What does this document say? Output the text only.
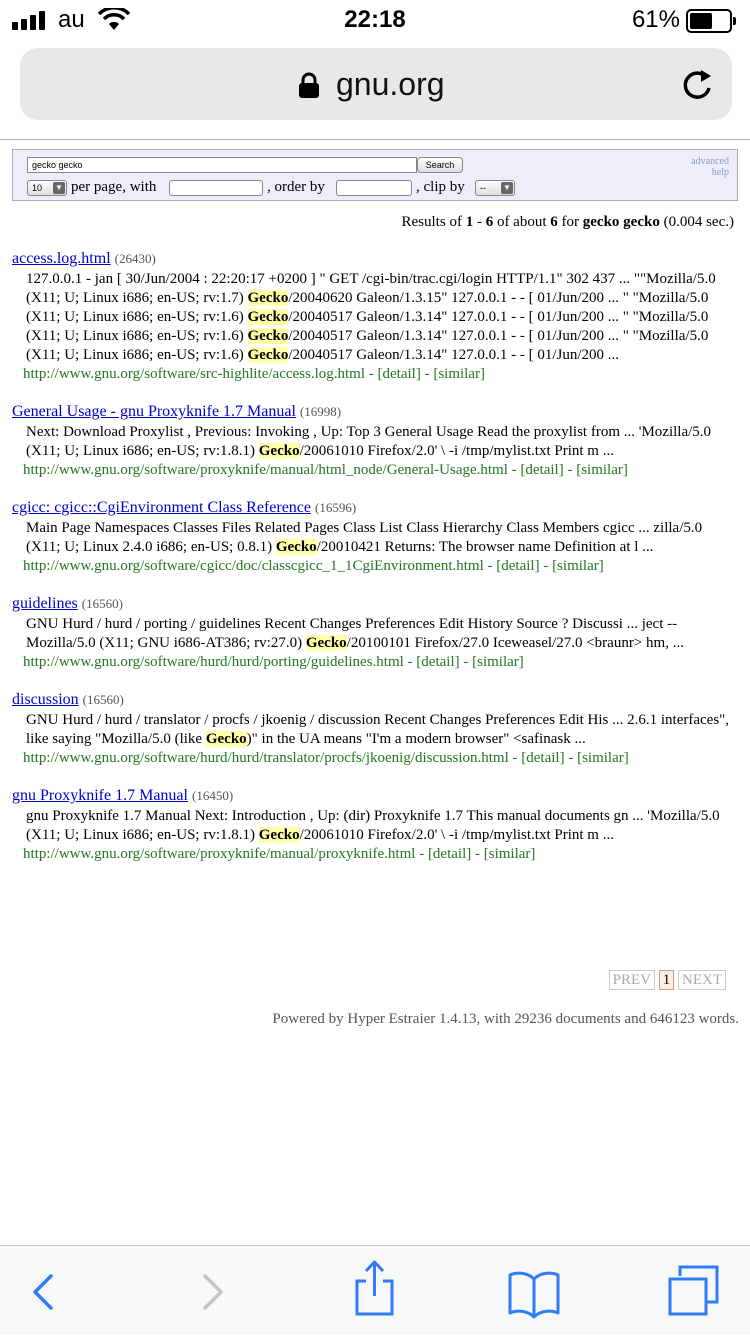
au	22:18	61%
gnu.org
gecko gecko	Search	advanced
help
10 ▼ per page, with	, order by	, clip by	-- ▼
Results of 1 - 6 of about 6 for gecko gecko (0.004 sec.)
access.log.html (26430)
127.0.0.1 - jan [ 30/Jun/2004 : 22:20:17 +0200 ] " GET /cgi-bin/trac.cgi/login HTTP/1.1" 302 437 ... ""Mozilla/5.0 (X11; U; Linux i686; en-US; rv:1.7) Gecko/20040620 Galeon/1.3.15" 127.0.0.1 - - [ 01/Jun/200 ... " "Mozilla/5.0 (X11; U; Linux i686; en-US; rv:1.6) Gecko/20040517 Galeon/1.3.14" 127.0.0.1 - - [ 01/Jun/200 ... " "Mozilla/5.0 (X11; U; Linux i686; en-US; rv:1.6) Gecko/20040517 Galeon/1.3.14" 127.0.0.1 - - [ 01/Jun/200 ... " "Mozilla/5.0 (X11; U; Linux i686; en-US; rv:1.6) Gecko/20040517 Galeon/1.3.14" 127.0.0.1 - - [ 01/Jun/200 ...
http://www.gnu.org/software/src-highlite/access.log.html - [detail] - [similar]
General Usage - gnu Proxyknife 1.7 Manual (16998)
Next: Download Proxylist , Previous: Invoking , Up: Top 3 General Usage Read the proxylist from ... 'Mozilla/5.0 (X11; U; Linux i686; en-US; rv:1.8.1) Gecko/20061010 Firefox/2.0' \ -i /tmp/mylist.txt Print m ...
http://www.gnu.org/software/proxyknife/manual/html_node/General-Usage.html - [detail] - [similar]
cgicc: cgicc::CgiEnvironment Class Reference (16596)
Main Page Namespaces Classes Files Related Pages Class List Class Hierarchy Class Members cgicc ... zilla/5.0 (X11; U; Linux 2.4.0 i686; en-US; 0.8.1) Gecko/20010421 Returns: The browser name Definition at l ...
http://www.gnu.org/software/cgicc/doc/classcgicc_1_1CgiEnvironment.html - [detail] - [similar]
guidelines (16560)
GNU Hurd / hurd / porting / guidelines Recent Changes Preferences Edit History Source ? Discussi ... ject -- Mozilla/5.0 (X11; GNU i686-AT386; rv:27.0) Gecko/20100101 Firefox/27.0 Iceweasel/27.0 <braunr> hm, ...
http://www.gnu.org/software/hurd/hurd/porting/guidelines.html - [detail] - [similar]
discussion (16560)
GNU Hurd / hurd / translator / procfs / jkoenig / discussion Recent Changes Preferences Edit His ... 2.6.1 interfaces", like saying "Mozilla/5.0 (like Gecko)" in the UA means "I'm a modern browser" <safinask ...
http://www.gnu.org/software/hurd/hurd/translator/procfs/jkoenig/discussion.html - [detail] - [similar]
gnu Proxyknife 1.7 Manual (16450)
gnu Proxyknife 1.7 Manual Next: Introduction , Up: (dir) Proxyknife 1.7 This manual documents gn ... 'Mozilla/5.0 (X11; U; Linux i686; en-US; rv:1.8.1) Gecko/20061010 Firefox/2.0' \ -i /tmp/mylist.txt Print m ...
http://www.gnu.org/software/proxyknife/manual/proxyknife.html - [detail] - [similar]
PREV 1 NEXT
Powered by Hyper Estraier 1.4.13, with 29236 documents and 646123 words.
